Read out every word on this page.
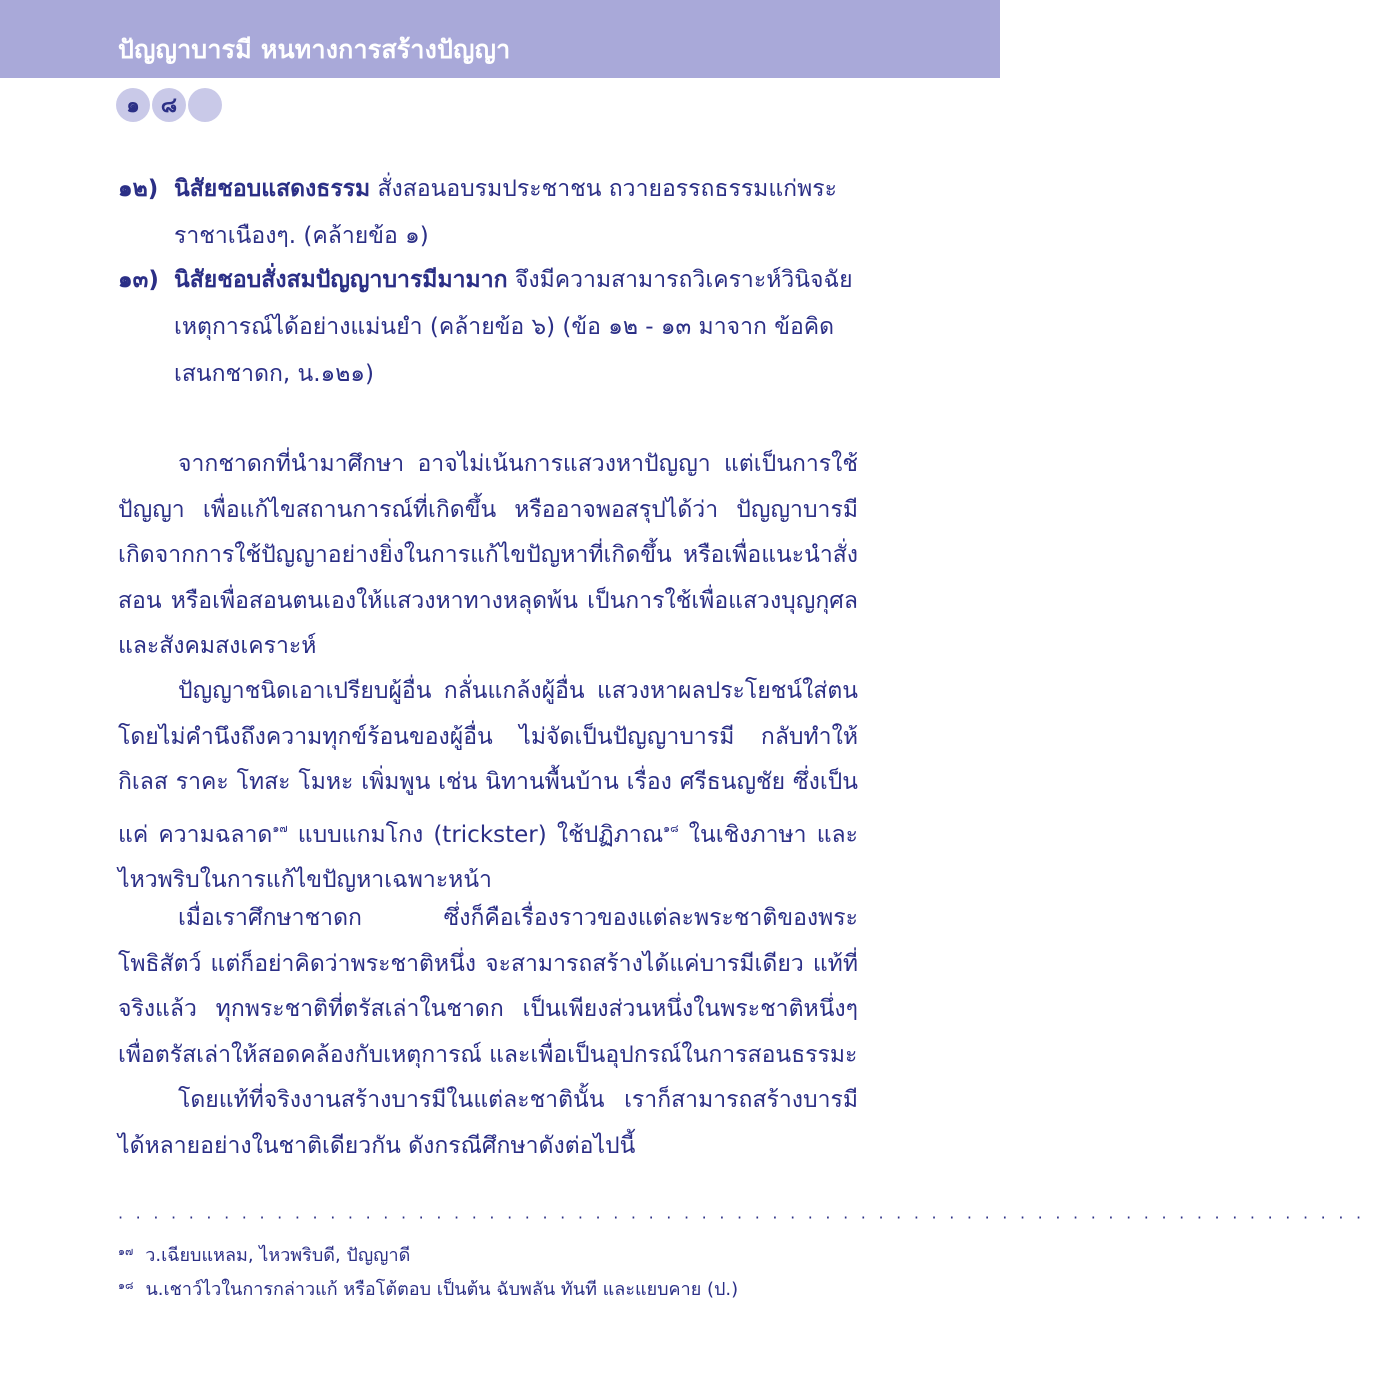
ปัญญาบารมี หนทางการสร้างปัญญา
๑	๘
๑๒) นิสัยชอบแสดงธรรม สั่งสอนอบรมประชาชน ถวายอรรถธรรมแก่พระราชาเนืองๆ. (คล้ายข้อ ๑)
๑๓) นิสัยชอบสั่งสมปัญญาบารมีมามาก จึงมีความสามารถวิเคราะห์วินิจฉัยเหตุการณ์ได้อย่างแม่นยำ (คล้ายข้อ ๖) (ข้อ ๑๒ - ๑๓ มาจาก ข้อคิด เสนกชาดก, น.๑๒๑)

จากชาดกที่นำมาศึกษา อาจไม่เน้นการแสวงหาปัญญา แต่เป็นการใช้ปัญญา เพื่อแก้ไขสถานการณ์ที่เกิดขึ้น หรืออาจพอสรุปได้ว่า ปัญญาบารมีเกิดจากการใช้ปัญญาอย่างยิ่งในการแก้ไขปัญหาที่เกิดขึ้น หรือเพื่อแนะนำสั่งสอน หรือเพื่อสอนตนเองให้แสวงหาทางหลุดพ้น เป็นการใช้เพื่อแสวงบุญกุศล และสังคมสงเคราะห์

ปัญญาชนิดเอาเปรียบผู้อื่น กลั่นแกล้งผู้อื่น แสวงหาผลประโยชน์ใส่ตนโดยไม่คำนึงถึงความทุกข์ร้อนของผู้อื่น ไม่จัดเป็นปัญญาบารมี กลับทำให้กิเลส ราคะ โทสะ โมหะ เพิ่มพูน เช่น นิทานพื้นบ้าน เรื่อง ศรีธนญชัย ซึ่งเป็นแค่ ความฉลาด$^{๑๗}$ แบบแกมโกง (trickster) ใช้ปฏิภาณ$^{๑๘}$ ในเชิงภาษา และไหวพริบในการแก้ไขปัญหาเฉพาะหน้า

เมื่อเราศึกษาชาดก ซึ่งก็คือเรื่องราวของแต่ละพระชาติของพระโพธิสัตว์ แต่ก็อย่าคิดว่าพระชาติหนึ่ง จะสามารถสร้างได้แค่บารมีเดียว แท้ที่จริงแล้ว ทุกพระชาติที่ตรัสเล่าในชาดก เป็นเพียงส่วนหนึ่งในพระชาติหนึ่งๆ เพื่อตรัสเล่าให้สอดคล้องกับเหตุการณ์ และเพื่อเป็นอุปกรณ์ในการสอนธรรมะ

โดยแท้ที่จริงงานสร้างบารมีในแต่ละชาตินั้น เราก็สามารถสร้างบารมีได้หลายอย่างในชาติเดียวกัน ดังกรณีศึกษาดังต่อไปนี้

·······································································
$^{๑๗}$ ว.เฉียบแหลม, ไหวพริบดี, ปัญญาดี
$^{๑๘}$ น.เชาว์ไวในการกล่าวแก้ หรือโต้ตอบ เป็นต้น ฉับพลัน ทันที และแยบคาย (ป.)
